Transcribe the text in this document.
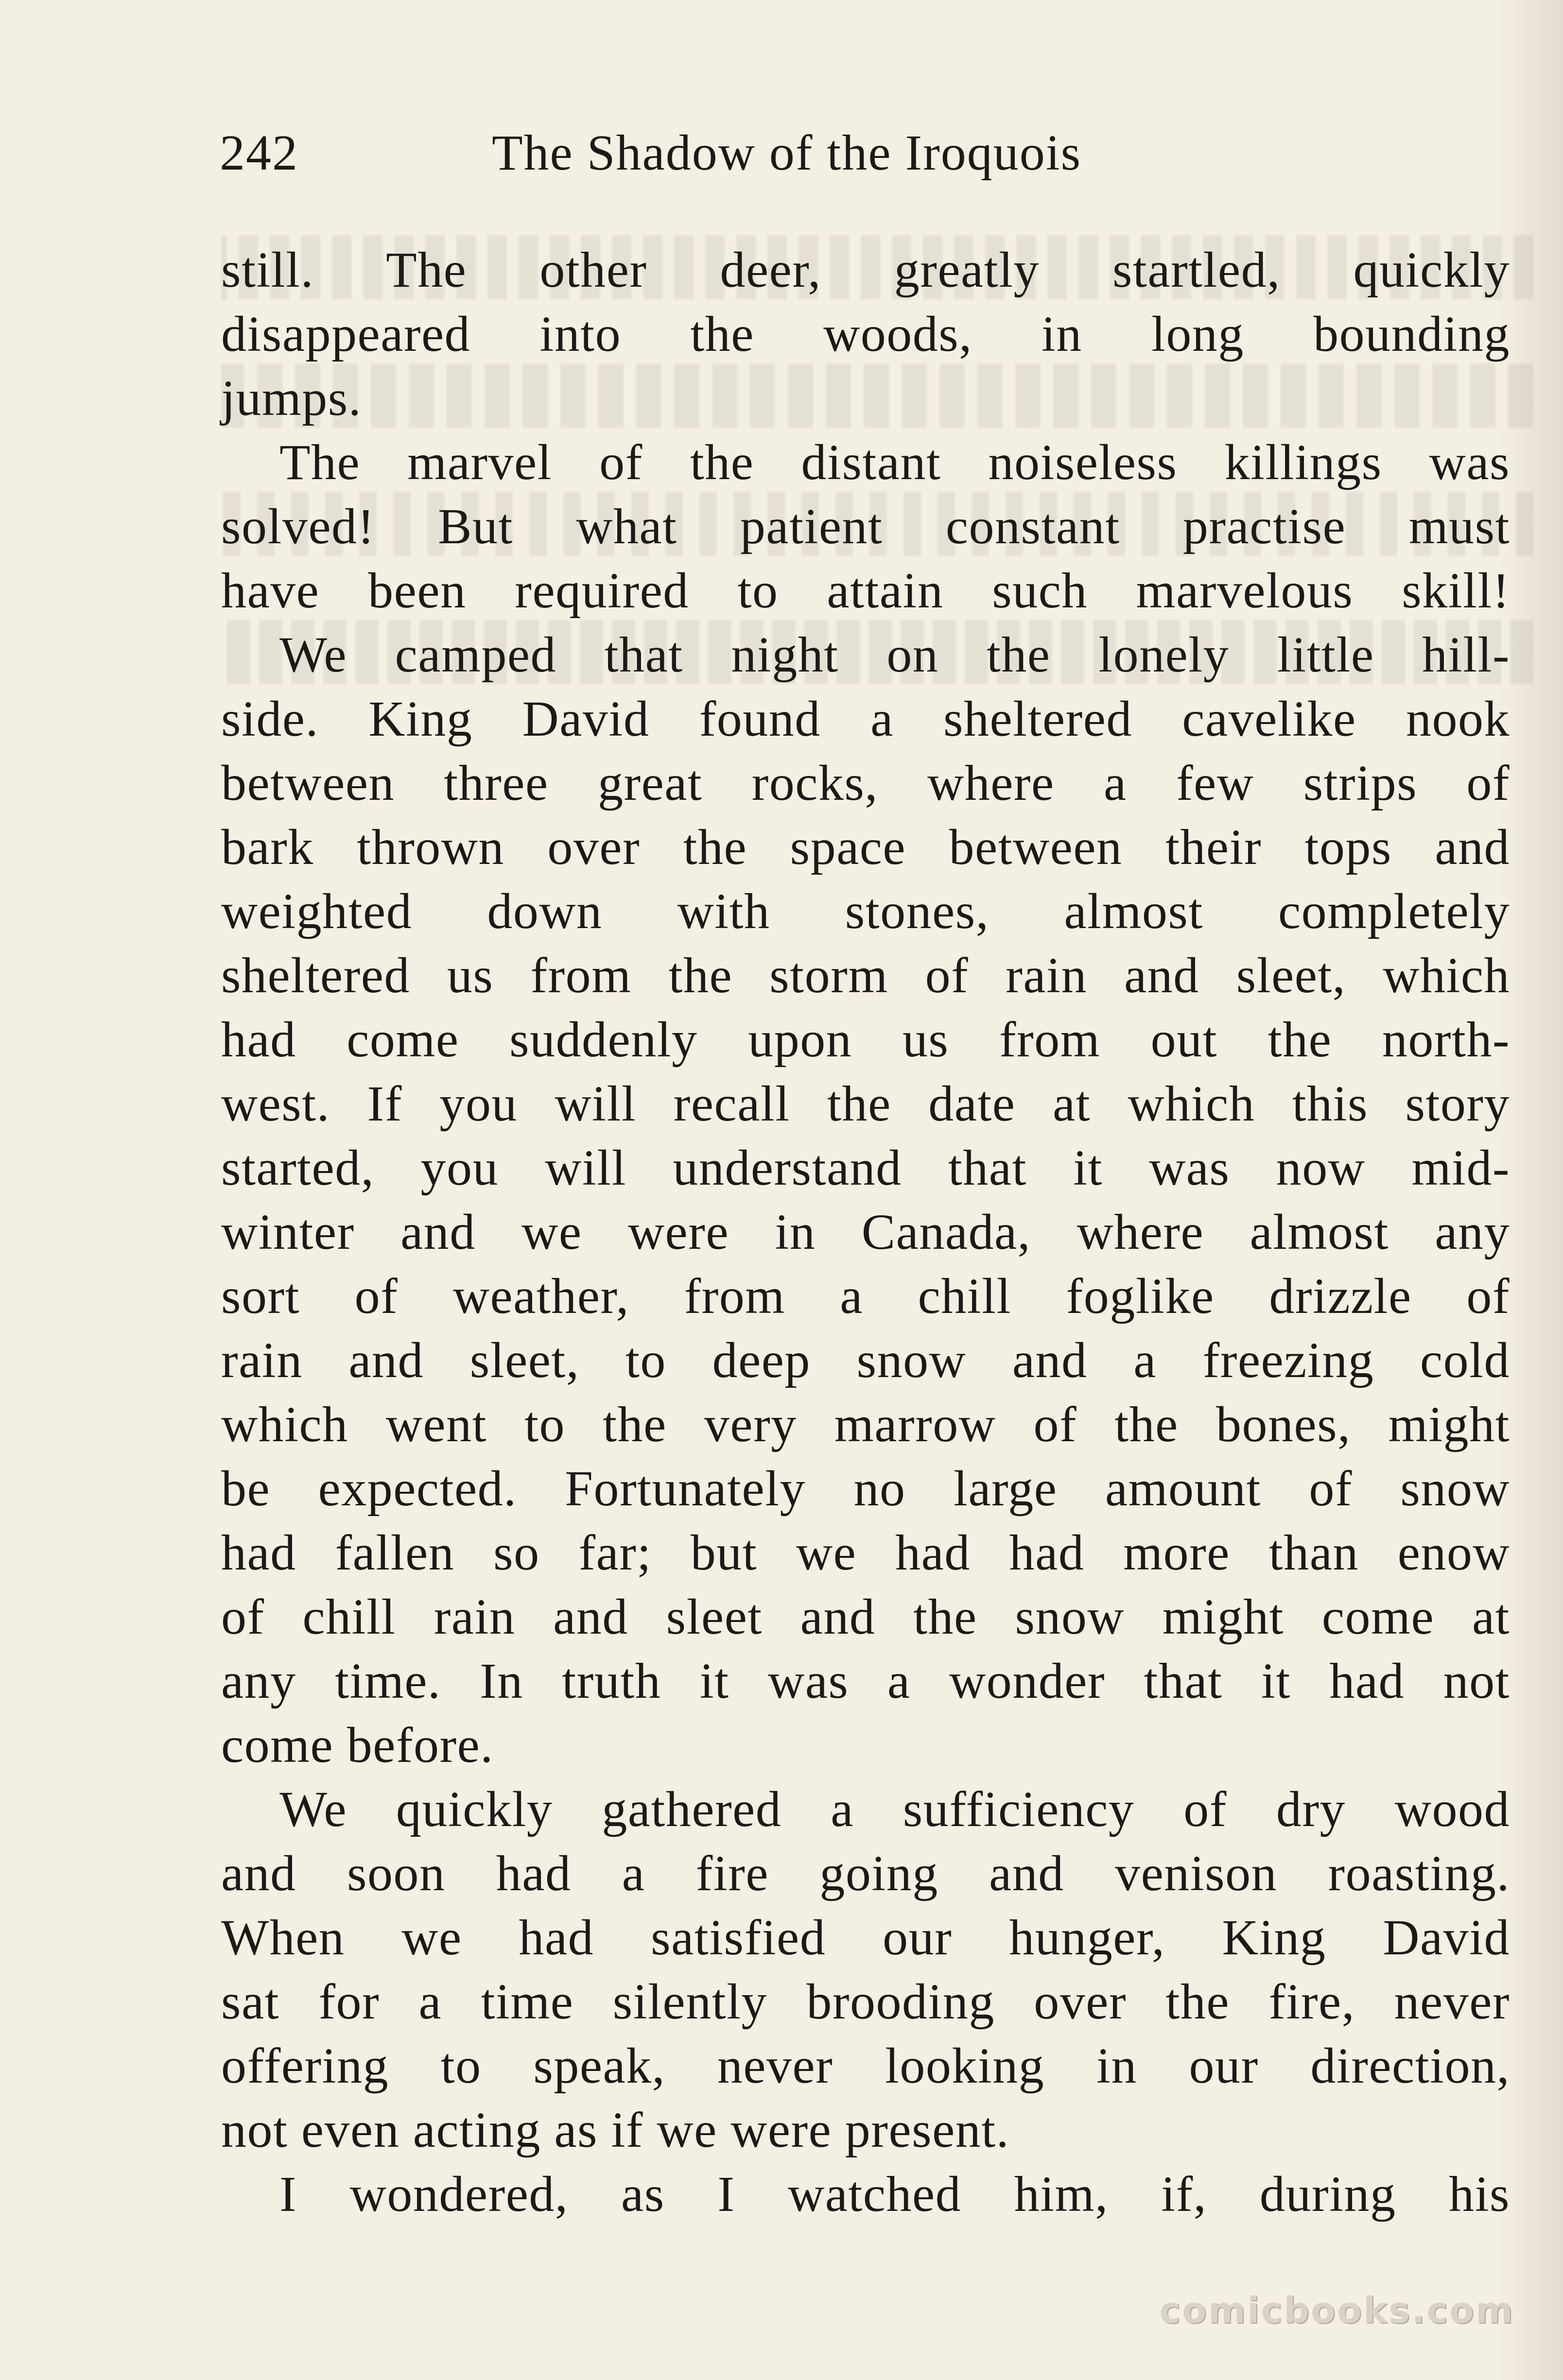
242	The Shadow of the Iroquois
still. The other deer, greatly startled, quickly
disappeared into the woods, in long bounding
jumps.
The marvel of the distant noiseless killings was
solved! But what patient constant practise must
have been required to attain such marvelous skill!
We camped that night on the lonely little hill-
side. King David found a sheltered cavelike nook
between three great rocks, where a few strips of
bark thrown over the space between their tops and
weighted down with stones, almost completely
sheltered us from the storm of rain and sleet, which
had come suddenly upon us from out the north-
west. If you will recall the date at which this story
started, you will understand that it was now mid-
winter and we were in Canada, where almost any
sort of weather, from a chill foglike drizzle of
rain and sleet, to deep snow and a freezing cold
which went to the very marrow of the bones, might
be expected. Fortunately no large amount of snow
had fallen so far; but we had had more than enow
of chill rain and sleet and the snow might come at
any time. In truth it was a wonder that it had not
come before.
We quickly gathered a sufficiency of dry wood
and soon had a fire going and venison roasting.
When we had satisfied our hunger, King David
sat for a time silently brooding over the fire, never
offering to speak, never looking in our direction,
not even acting as if we were present.
I wondered, as I watched him, if, during his
comicbooks.com
